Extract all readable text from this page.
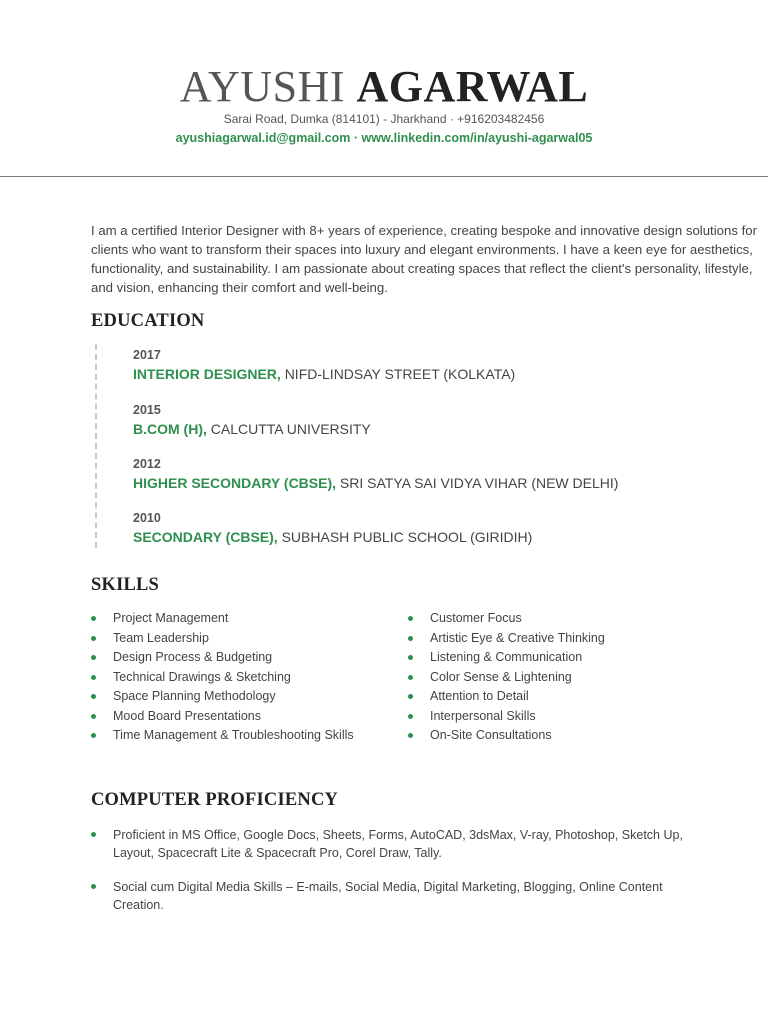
AYUSHI AGARWAL
Sarai Road, Dumka (814101) - Jharkhand · +916203482456
ayushiagarwal.id@gmail.com · www.linkedin.com/in/ayushi-agarwal05

I am a certified Interior Designer with 8+ years of experience, creating bespoke and innovative design solutions for clients who want to transform their spaces into luxury and elegant environments. I have a keen eye for aesthetics, functionality, and sustainability. I am passionate about creating spaces that reflect the client's personality, lifestyle, and vision, enhancing their comfort and well-being.

EDUCATION
2017
INTERIOR DESIGNER, NIFD-LINDSAY STREET (KOLKATA)
2015
B.COM (H), CALCUTTA UNIVERSITY
2012
HIGHER SECONDARY (CBSE), SRI SATYA SAI VIDYA VIHAR (NEW DELHI)
2010
SECONDARY (CBSE), SUBHASH PUBLIC SCHOOL (GIRIDIH)
SKILLS
Project Management
Team Leadership
Design Process & Budgeting
Technical Drawings & Sketching
Space Planning Methodology
Mood Board Presentations
Time Management & Troubleshooting Skills
Customer Focus
Artistic Eye & Creative Thinking
Listening & Communication
Color Sense & Lightening
Attention to Detail
Interpersonal Skills
On-Site Consultations
COMPUTER PROFICIENCY
Proficient in MS Office, Google Docs, Sheets, Forms, AutoCAD, 3dsMax, V-ray, Photoshop, Sketch Up, Layout, Spacecraft Lite & Spacecraft Pro, Corel Draw, Tally.
Social cum Digital Media Skills – E-mails, Social Media, Digital Marketing, Blogging, Online Content Creation.
